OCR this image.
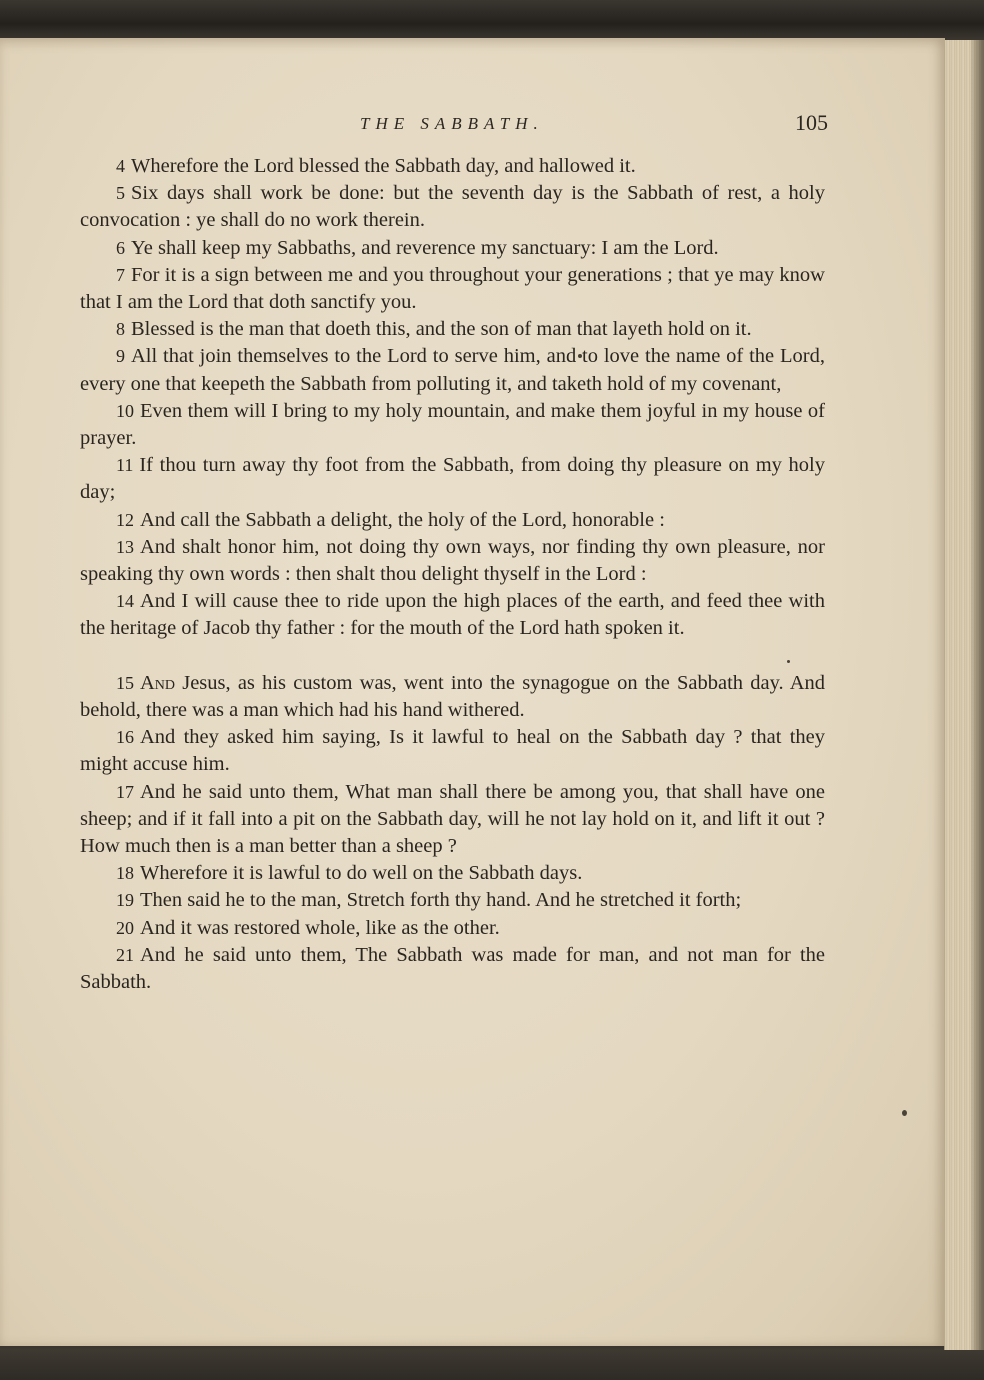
THE SABBATH.	105

4 Wherefore the Lord blessed the Sabbath day, and hallowed it.

5 Six days shall work be done: but the seventh day is the Sabbath of rest, a holy convocation : ye shall do no work therein.

6 Ye shall keep my Sabbaths, and reverence my sanctuary: I am the Lord.

7 For it is a sign between me and you throughout your generations ; that ye may know that I am the Lord that doth sanctify you.

8 Blessed is the man that doeth this, and the son of man that layeth hold on it.

9 All that join themselves to the Lord to serve him, and to love the name of the Lord, every one that keepeth the Sabbath from polluting it, and taketh hold of my covenant,

10 Even them will I bring to my holy mountain, and make them joyful in my house of prayer.

11 If thou turn away thy foot from the Sabbath, from doing thy pleasure on my holy day;

12 And call the Sabbath a delight, the holy of the Lord, honorable :

13 And shalt honor him, not doing thy own ways, nor finding thy own pleasure, nor speaking thy own words : then shalt thou delight thyself in the Lord :

14 And I will cause thee to ride upon the high places of the earth, and feed thee with the heritage of Jacob thy father : for the mouth of the Lord hath spoken it.

15 And Jesus, as his custom was, went into the synagogue on the Sabbath day. And behold, there was a man which had his hand withered.

16 And they asked him saying, Is it lawful to heal on the Sabbath day ? that they might accuse him.

17 And he said unto them, What man shall there be among you, that shall have one sheep; and if it fall into a pit on the Sabbath day, will he not lay hold on it, and lift it out ? How much then is a man better than a sheep ?

18 Wherefore it is lawful to do well on the Sabbath days.

19 Then said he to the man, Stretch forth thy hand. And he stretched it forth;

20 And it was restored whole, like as the other.

21 And he said unto them, The Sabbath was made for man, and not man for the Sabbath.
